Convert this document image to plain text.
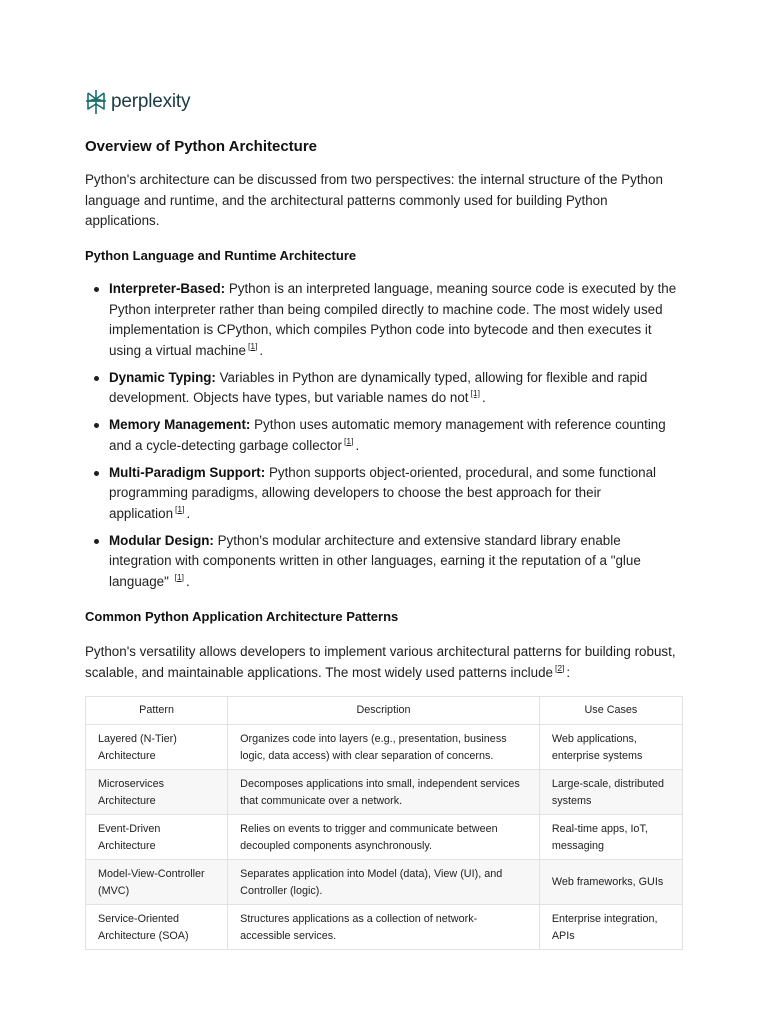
perplexity
Overview of Python Architecture

Python's architecture can be discussed from two perspectives: the internal structure of the Python language and runtime, and the architectural patterns commonly used for building Python applications.

Python Language and Runtime Architecture
Interpreter-Based: Python is an interpreted language, meaning source code is executed by the Python interpreter rather than being compiled directly to machine code. The most widely used implementation is CPython, which compiles Python code into bytecode and then executes it using a virtual machine [1] .
Dynamic Typing: Variables in Python are dynamically typed, allowing for flexible and rapid development. Objects have types, but variable names do not [1] .
Memory Management: Python uses automatic memory management with reference counting and a cycle-detecting garbage collector [1] .
Multi-Paradigm Support: Python supports object-oriented, procedural, and some functional programming paradigms, allowing developers to choose the best approach for their application [1] .
Modular Design: Python's modular architecture and extensive standard library enable integration with components written in other languages, earning it the reputation of a "glue language" [1] .
Common Python Application Architecture Patterns

Python's versatility allows developers to implement various architectural patterns for building robust, scalable, and maintainable applications. The most widely used patterns include [2] :

Pattern	Description	Use Cases
Layered (N-Tier) Architecture	Organizes code into layers (e.g., presentation, business logic, data access) with clear separation of concerns.	Web applications, enterprise systems
Microservices Architecture	Decomposes applications into small, independent services that communicate over a network.	Large-scale, distributed systems
Event-Driven Architecture	Relies on events to trigger and communicate between decoupled components asynchronously.	Real-time apps, IoT, messaging
Model-View-Controller (MVC)	Separates application into Model (data), View (UI), and Controller (logic).	Web frameworks, GUIs
Service-Oriented Architecture (SOA)	Structures applications as a collection of network-accessible services.	Enterprise integration, APIs
